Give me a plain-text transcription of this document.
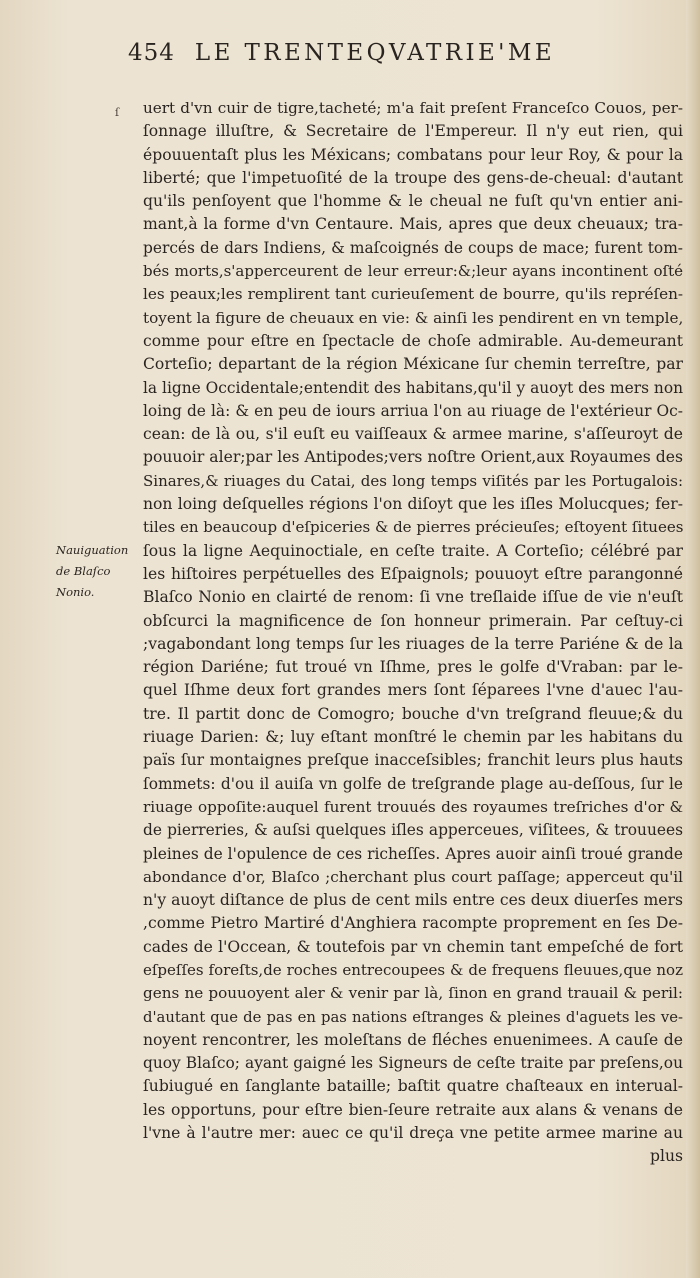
454 LE TRENTEQVATRIE'ME
ſ
Nauiguation
de Blaſco
Nonio.
uert d'vn cuir de tigre,tacheté; m'a fait preſent Franceſco Couos, per-
ſonnage illuſtre, & Secretaire de l'Empereur. Il n'y eut rien, qui
épouuentaſt plus les Méxicans; combatans pour leur Roy, & pour la
liberté; que l'impetuoſité de la troupe des gens-de-cheual: d'autant
qu'ils penſoyent que l'homme & le cheual ne fuſt qu'vn entier ani-
mant,à la forme d'vn Centaure. Mais, apres que deux cheuaux; tra-
percés de dars Indiens, & maſcoignés de coups de mace; furent tom-
bés morts,s'apperceurent de leur erreur:&;leur ayans incontinent oſté
les peaux;les remplirent tant curieuſement de bourre, qu'ils repréſen-
toyent la figure de cheuaux en vie: & ainſi les pendirent en vn temple,
comme pour eſtre en ſpectacle de choſe admirable. Au-demeurant
Corteſio; departant de la région Méxicane ſur chemin terreſtre, par
la ligne Occidentale;entendit des habitans,qu'il y auoyt des mers non
loing de là: & en peu de iours arriua l'on au riuage de l'extérieur Oc-
cean: de là ou, s'il euſt eu vaiſſeaux & armee marine, s'aſſeuroyt de
pouuoir aler;par les Antipodes;vers noſtre Orient,aux Royaumes des
Sinares,& riuages du Catai, des long temps viſités par les Portugalois:
non loing deſquelles régions l'on diſoyt que les iſles Molucques; fer-
tiles en beaucoup d'eſpiceries & de pierres précieuſes; eſtoyent ſituees
ſous la ligne Aequinoctiale, en ceſte traite. A Corteſio; célébré par
les hiſtoires perpétuelles des Eſpaignols; pouuoyt eſtre parangonné
Blaſco Nonio en clairté de renom: ſi vne treſlaide iſſue de vie n'euſt
obſcurci la magnificence de ſon honneur primerain. Par ceſtuy-ci
;vagabondant long temps ſur les riuages de la terre Pariéne & de la
région Dariéne; fut troué vn Iſhme, pres le golfe d'Vraban: par le-
quel Iſhme deux fort grandes mers ſont ſéparees l'vne d'auec l'au-
tre. Il partit donc de Comogro; bouche d'vn treſgrand fleuue;& du
riuage Darien: &; luy eſtant monſtré le chemin par les habitans du
païs ſur montaignes preſque inacceſsibles; franchit leurs plus hauts
ſommets: d'ou il auiſa vn golfe de treſgrande plage au-deſſous, ſur le
riuage oppoſite:auquel furent trouués des royaumes treſriches d'or &
de pierreries, & auſsi quelques iſles apperceues, viſitees, & trouuees
pleines de l'opulence de ces richeſſes. Apres auoir ainſi troué grande
abondance d'or, Blaſco ;cherchant plus court paſſage; apperceut qu'il
n'y auoyt diſtance de plus de cent mils entre ces deux diuerſes mers
,comme Pietro Martiré d'Anghiera racompte proprement en ſes De-
cades de l'Occean, & toutefois par vn chemin tant empeſché de fort
eſpeſſes foreſts,de roches entrecoupees & de frequens fleuues,que noz
gens ne pouuoyent aler & venir par là, ſinon en grand trauail & peril:
d'autant que de pas en pas nations eſtranges & pleines d'aguets les ve-
noyent rencontrer, les moleſtans de fléches enuenimees. A cauſe de
quoy Blaſco; ayant gaigné les Signeurs de ceſte traite par preſens,ou
ſubiugué en ſanglante bataille; baſtit quatre chaſteaux en interual-
les opportuns, pour eſtre bien-ſeure retraite aux alans & venans de
l'vne à l'autre mer: auec ce qu'il dreça vne petite armee marine au
plus
